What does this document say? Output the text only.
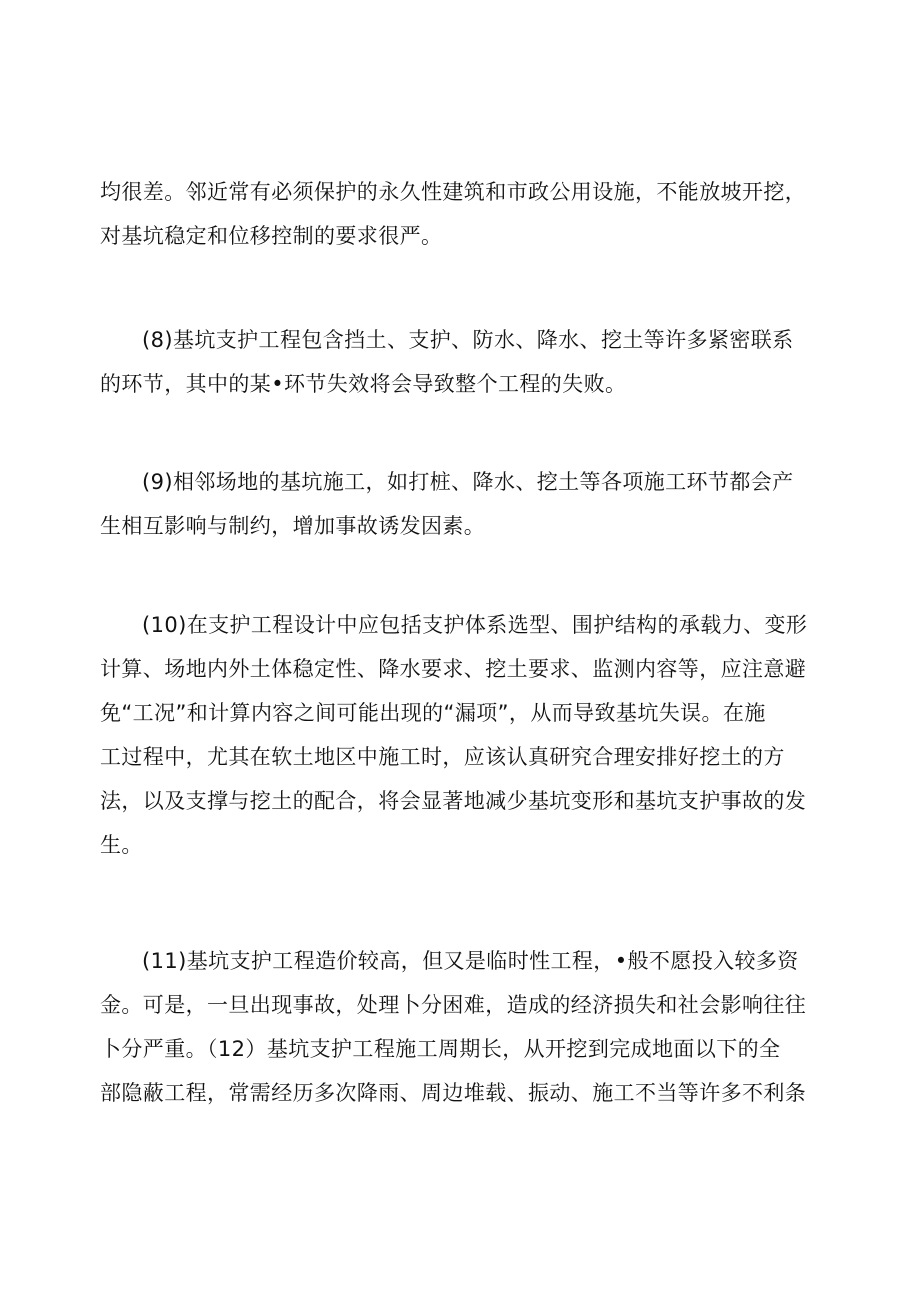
均很差。邻近常有必须保护的永久性建筑和市政公用设施，不能放坡开挖，
对基坑稳定和位移控制的要求很严。
(8)基坑支护工程包含挡土、支护、防水、降水、挖土等许多紧密联系
的环节，其中的某•环节失效将会导致整个工程的失败。
(9)相邻场地的基坑施工，如打桩、降水、挖土等各项施工环节都会产
生相互影响与制约，增加事故诱发因素。
(10)在支护工程设计中应包括支护体系选型、围护结构的承载力、变形
计算、场地内外土体稳定性、降水要求、挖土要求、监测内容等，应注意避
免“工况”和计算内容之间可能出现的“漏项”，从而导致基坑失误。在施
工过程中，尤其在软土地区中施工时，应该认真研究合理安排好挖土的方
法，以及支撑与挖土的配合，将会显著地减少基坑变形和基坑支护事故的发
生。
(11)基坑支护工程造价较高，但又是临时性工程，•般不愿投入较多资
金。可是，一旦出现事故，处理卜分困难，造成的经济损失和社会影响往往
卜分严重。（12）基坑支护工程施工周期长，从开挖到完成地面以下的全
部隐蔽工程，常需经历多次降雨、周边堆载、振动、施工不当等许多不利条
